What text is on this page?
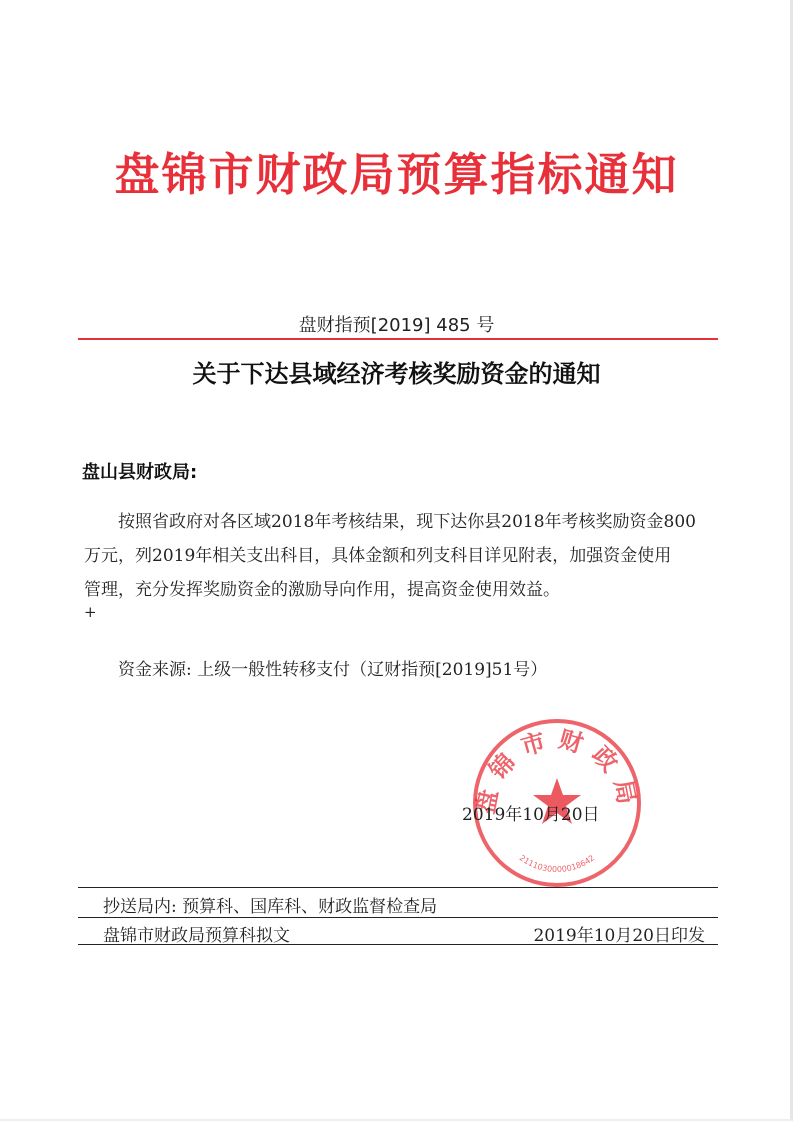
盘锦市财政局预算指标通知
盘财指预[2019] 485 号
关于下达县域经济考核奖励资金的通知
盘山县财政局:
按照省政府对各区域2018年考核结果，现下达你县2018年考核奖励资金800
万元，列2019年相关支出科目，具体金额和列支科目详见附表，加强资金使用
管理，充分发挥奖励资金的激励导向作用，提高资金使用效益。
+
资金来源: 上级一般性转移支付（辽财指预[2019]51号）
盘锦市财政局
2111030000018642
2019年10月20日
抄送局内: 预算科、国库科、财政监督检查局
盘锦市财政局预算科拟文	2019年10月20日印发
